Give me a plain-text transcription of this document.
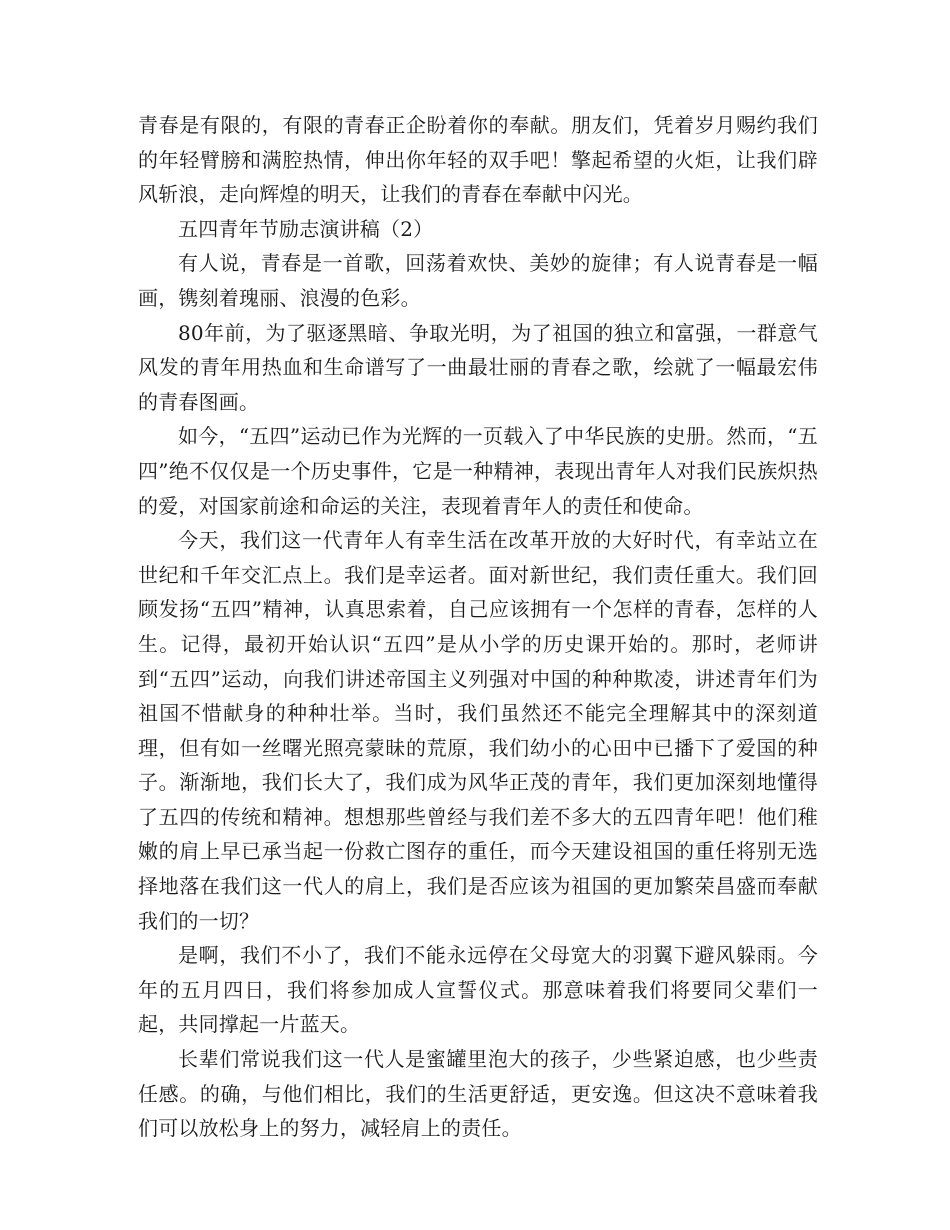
青春是有限的，有限的青春正企盼着你的奉献。朋友们，凭着岁月赐约我们的年轻臂膀和满腔热情，伸出你年轻的双手吧！擎起希望的火炬，让我们辟风斩浪，走向辉煌的明天，让我们的青春在奉献中闪光。

五四青年节励志演讲稿（2）

有人说，青春是一首歌，回荡着欢快、美妙的旋律；有人说青春是一幅画，镌刻着瑰丽、浪漫的色彩。

80年前，为了驱逐黑暗、争取光明，为了祖国的独立和富强，一群意气风发的青年用热血和生命谱写了一曲最壮丽的青春之歌，绘就了一幅最宏伟的青春图画。

如今，“五四”运动已作为光辉的一页载入了中华民族的史册。然而，“五四”绝不仅仅是一个历史事件，它是一种精神，表现出青年人对我们民族炽热的爱，对国家前途和命运的关注，表现着青年人的责任和使命。

今天，我们这一代青年人有幸生活在改革开放的大好时代，有幸站立在世纪和千年交汇点上。我们是幸运者。面对新世纪，我们责任重大。我们回顾发扬“五四”精神，认真思索着，自己应该拥有一个怎样的青春，怎样的人生。记得，最初开始认识“五四”是从小学的历史课开始的。那时，老师讲到“五四”运动，向我们讲述帝国主义列强对中国的种种欺凌，讲述青年们为祖国不惜献身的种种壮举。当时，我们虽然还不能完全理解其中的深刻道理，但有如一丝曙光照亮蒙昧的荒原，我们幼小的心田中已播下了爱国的种子。渐渐地，我们长大了，我们成为风华正茂的青年，我们更加深刻地懂得了五四的传统和精神。想想那些曾经与我们差不多大的五四青年吧！他们稚嫩的肩上早已承当起一份救亡图存的重任，而今天建设祖国的重任将别无选择地落在我们这一代人的肩上，我们是否应该为祖国的更加繁荣昌盛而奉献我们的一切？

是啊，我们不小了，我们不能永远停在父母宽大的羽翼下避风躲雨。今年的五月四日，我们将参加成人宣誓仪式。那意味着我们将要同父辈们一起，共同撑起一片蓝天。

长辈们常说我们这一代人是蜜罐里泡大的孩子，少些紧迫感，也少些责任感。的确，与他们相比，我们的生活更舒适，更安逸。但这决不意味着我们可以放松身上的努力，减轻肩上的责任。
